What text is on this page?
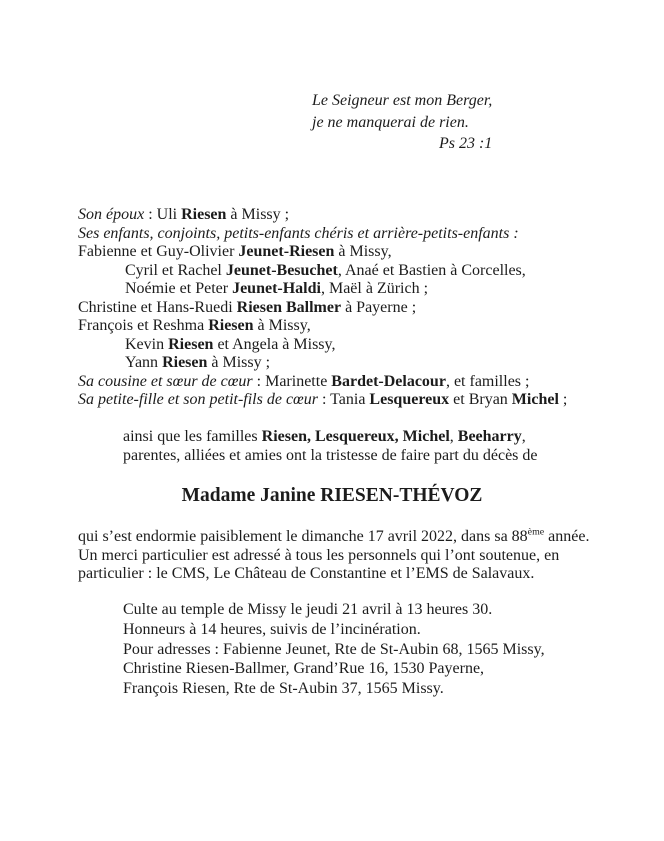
Le Seigneur est mon Berger,
je ne manquerai de rien.
Ps 23 :1
Son époux : Uli Riesen à Missy ;
Ses enfants, conjoints, petits-enfants chéris et arrière-petits-enfants :
Fabienne et Guy-Olivier Jeunet-Riesen à Missy,
Cyril et Rachel Jeunet-Besuchet, Anaé et Bastien à Corcelles,
Noémie et Peter Jeunet-Haldi, Maël à Zürich ;
Christine et Hans-Ruedi Riesen Ballmer à Payerne ;
François et Reshma Riesen à Missy,
Kevin Riesen et Angela à Missy,
Yann Riesen à Missy ;
Sa cousine et sœur de cœur : Marinette Bardet-Delacour, et familles ;
Sa petite-fille et son petit-fils de cœur : Tania Lesquereux et Bryan Michel ;
ainsi que les familles Riesen, Lesquereux, Michel, Beeharry,
parentes, alliées et amies ont la tristesse de faire part du décès de
Madame Janine RIESEN-THÉVOZ
qui s’est endormie paisiblement le dimanche 17 avril 2022, dans sa 88ème année.
Un merci particulier est adressé à tous les personnels qui l’ont soutenue, en
particulier : le CMS, Le Château de Constantine et l’EMS de Salavaux.
Culte au temple de Missy le jeudi 21 avril à 13 heures 30.
Honneurs à 14 heures, suivis de l’incinération.
Pour adresses : Fabienne Jeunet, Rte de St-Aubin 68, 1565 Missy,
Christine Riesen-Ballmer, Grand’Rue 16, 1530 Payerne,
François Riesen, Rte de St-Aubin 37, 1565 Missy.
